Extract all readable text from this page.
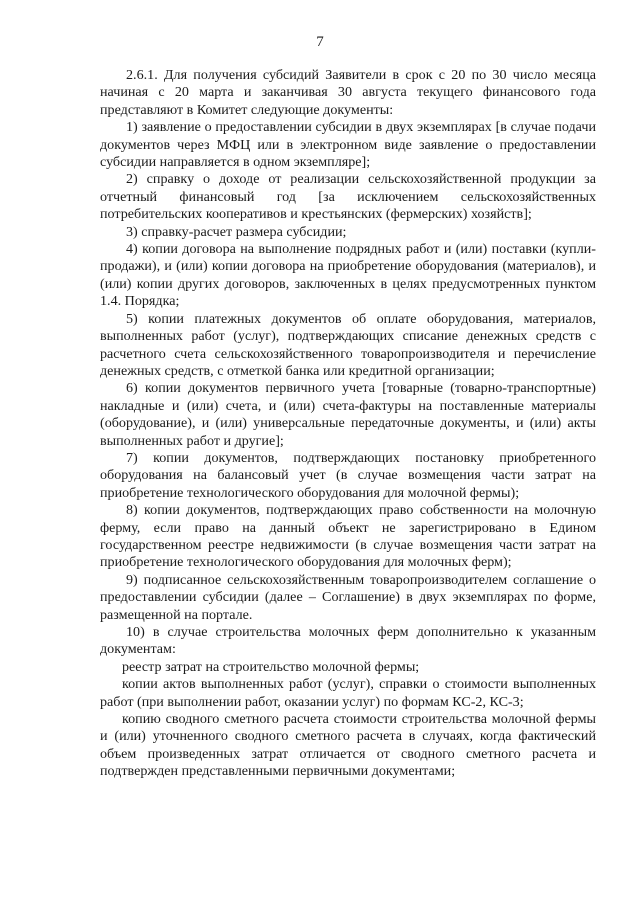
7

2.6.1. Для получения субсидий Заявители в срок с 20 по 30 число месяца начиная с 20 марта и заканчивая 30 августа текущего финансового года представляют в Комитет следующие документы:

1) заявление о предоставлении субсидии в двух экземплярах [в случае подачи документов через МФЦ или в электронном виде заявление о предоставлении субсидии направляется в одном экземпляре];

2) справку о доходе от реализации сельскохозяйственной продукции за отчетный финансовый год [за исключением сельскохозяйственных потребительских кооперативов и крестьянских (фермерских) хозяйств];

3) справку-расчет размера субсидии;

4) копии договора на выполнение подрядных работ и (или) поставки (купли- продажи), и (или) копии договора на приобретение оборудования (материалов), и (или) копии других договоров, заключенных в целях предусмотренных пунктом 1.4. Порядка;

5) копии платежных документов об оплате оборудования, материалов, выполненных работ (услуг), подтверждающих списание денежных средств с расчетного счета сельскохозяйственного товаропроизводителя и перечисление денежных средств, с отметкой банка или кредитной организации;

6) копии документов первичного учета [товарные (товарно-транспортные) накладные и (или) счета, и (или) счета-фактуры на поставленные материалы (оборудование), и (или) универсальные передаточные документы, и (или) акты выполненных работ и другие];

7) копии документов, подтверждающих постановку приобретенного оборудования на балансовый учет (в случае возмещения части затрат на приобретение технологического оборудования для молочной фермы);

8) копии документов, подтверждающих право собственности на молочную ферму, если право на данный объект не зарегистрировано в Едином государственном реестре недвижимости (в случае возмещения части затрат на приобретение технологического оборудования для молочных ферм);

9) подписанное сельскохозяйственным товаропроизводителем соглашение о предоставлении субсидии (далее – Соглашение) в двух экземплярах по форме, размещенной на портале.

10) в случае строительства молочных ферм дополнительно к указанным документам:

реестр затрат на строительство молочной фермы;

копии актов выполненных работ (услуг), справки о стоимости выполненных работ (при выполнении работ, оказании услуг) по формам КС-2, КС-3;

копию сводного сметного расчета стоимости строительства молочной фермы и (или) уточненного сводного сметного расчета в случаях, когда фактический объем произведенных затрат отличается от сводного сметного расчета и подтвержден представленными первичными документами;
